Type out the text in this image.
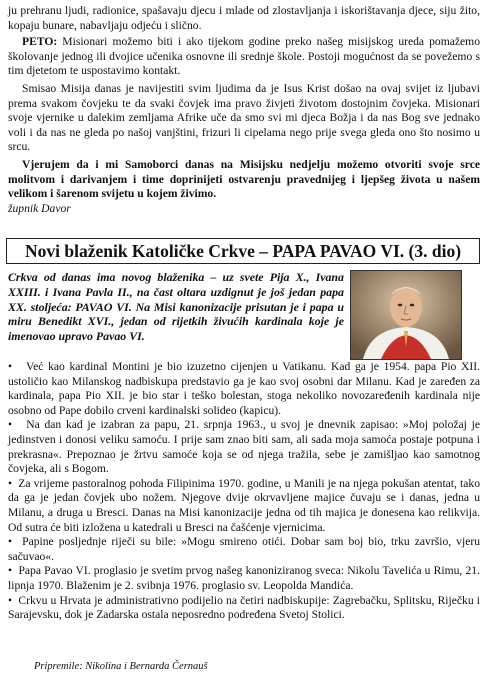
ju prehranu ljudi, radionice, spašavaju djecu i mlade od zlostavljanja i iskorištavanja djece, siju žito, kopaju bunare, nabavljaju odjeću i slično.

PETO: Misionari možemo biti i ako tijekom godine preko našeg misijskog ureda pomažemo školovanje jednog ili dvojice učenika osnovne ili srednje škole. Postoji mogućnost da se povežemo s tim djetetom te uspostavimo kontakt.

Smisao Misija danas je navijestiti svim ljudima da je Isus Krist došao na ovaj svijet iz ljubavi prema svakom čovjeku te da svaki čovjek ima pravo živjeti životom dostojnim čovjeka. Misionari svoje vjernike u dalekim zemljama Afrike uče da smo svi mi djeca Božja i da nas Bog sve jednako voli i da nas ne gleda po našoj vanjštini, frizuri li cipelama nego prije svega gleda ono što nosimo u srcu.

Vjerujem da i mi Samoborci danas na Misijsku nedjelju možemo otvoriti svoje srce molitvom i darivanjem i time doprinijeti ostvarenju pravednijeg i ljepšeg života u našem velikom i šarenom svijetu u kojem živimo.

župnik Davor

Novi blaženik Katoličke Crkve – PAPA PAVAO VI. (3. dio)

Crkva od danas ima novog blaženika – uz svete Pija X., Ivana XXIII. i Ivana Pavla II., na čast oltara uzdignut je još jedan papa XX. stoljeća: PAVAO VI. Na Misi kanonizacije prisutan je i papa u miru Benedikt XVI., jedan od rijetkih živućih kardinala koje je imenovao upravo Pavao VI.

• Već kao kardinal Montini je bio izuzetno cijenjen u Vatikanu. Kad ga je 1954. papa Pio XII. ustoličio kao Milanskog nadbiskupa predstavio ga je kao svoj osobni dar Milanu. Kad je zaređen za kardinala, papa Pio XII. je bio star i teško bolestan, stoga nekoliko novozaređenih kardinala nije osobno od Pape dobilo crveni kardinalski solideo (kapicu).

• Na dan kad je izabran za papu, 21. srpnja 1963., u svoj je dnevnik zapisao: »Moj položaj je jedinstven i donosi veliku samoću. I prije sam znao biti sam, ali sada moja samoća postaje potpuna i prekrasna«. Prepoznao je žrtvu samoće koja se od njega tražila, sebe je zamišljao kao samotnog čovjeka, ali s Bogom.

• Za vrijeme pastoralnog pohoda Filipinima 1970. godine, u Manili je na njega pokušan atentat, tako da ga je jedan čovjek ubo nožem. Njegove dvije okrvavljene majice čuvaju se i danas, jedna u Milanu, a druga u Bresci. Danas na Misi kanonizacije jedna od tih majica je donesena kao relikvija. Od sutra će biti izložena u katedrali u Bresci na čašćenje vjernicima.

• Papine posljednje riječi su bile: »Mogu smireno otići. Dobar sam boj bio, trku završio, vjeru sačuvao«.

• Papa Pavao VI. proglasio je svetim prvog našeg kanoniziranog sveca: Nikolu Tavelića u Rimu, 21. lipnja 1970. Blaženim je 2. svibnja 1976. proglasio sv. Leopolda Mandića.

• Crkvu u Hrvata je administrativno podijelio na četiri nadbiskupije: Zagrebačku, Splitsku, Riječku i Sarajevsku, dok je Zadarska ostala neposredno podređena Svetoj Stolici.

Pripremile: Nikolina i Bernarda Černauš
